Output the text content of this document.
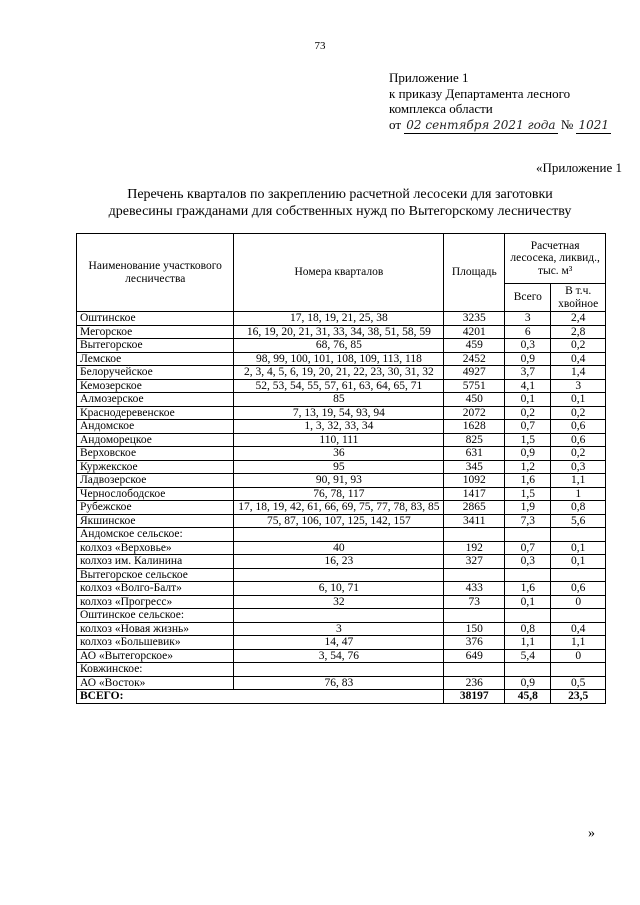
73
Приложение 1
к приказу Департамента лесного
комплекса области
от 02 сентября 2021 года № 1021
«Приложение 1
Перечень кварталов по закреплению расчетной лесосеки для заготовки
древесины гражданами для собственных нужд по Вытегорскому лесничеству
Наименование участкового лесничества	Номера кварталов	Площадь	Расчетная лесосека, ликвид., тыс. м³	
			Всего	В т.ч. хвойное
Оштинское	17, 18, 19, 21, 25, 38	3235	3	2,4
Мегорское	16, 19, 20, 21, 31, 33, 34, 38, 51, 58, 59	4201	6	2,8
Вытегорское	68, 76, 85	459	0,3	0,2
Лемское	98, 99, 100, 101, 108, 109, 113, 118	2452	0,9	0,4
Белоручейское	2, 3, 4, 5, 6, 19, 20, 21, 22, 23, 30, 31, 32	4927	3,7	1,4
Кемозерское	52, 53, 54, 55, 57, 61, 63, 64, 65, 71	5751	4,1	3
Алмозерское	85	450	0,1	0,1
Краснодеревенское	7, 13, 19, 54, 93, 94	2072	0,2	0,2
Андомское	1, 3, 32, 33, 34	1628	0,7	0,6
Андоморецкое	110, 111	825	1,5	0,6
Верховское	36	631	0,9	0,2
Куржекское	95	345	1,2	0,3
Ладвозерское	90, 91, 93	1092	1,6	1,1
Чернослободское	76, 78, 117	1417	1,5	1
Рубежское	17, 18, 19, 42, 61, 66, 69, 75, 77, 78, 83, 85	2865	1,9	0,8
Якшинское	75, 87, 106, 107, 125, 142, 157	3411	7,3	5,6
Андомское сельское:				
колхоз «Верховье»	40	192	0,7	0,1
колхоз им. Калинина	16, 23	327	0,3	0,1
Вытегорское сельское				
колхоз «Волго-Балт»	6, 10, 71	433	1,6	0,6
колхоз «Прогресс»	32	73	0,1	0
Оштинское сельское:				
колхоз «Новая жизнь»	3	150	0,8	0,4
колхоз «Большевик»	14, 47	376	1,1	1,1
АО «Вытегорское»	3, 54, 76	649	5,4	0
Ковжинское:				
АО «Восток»	76, 83	236	0,9	0,5
ВСЕГО:		38197	45,8	23,5
»
